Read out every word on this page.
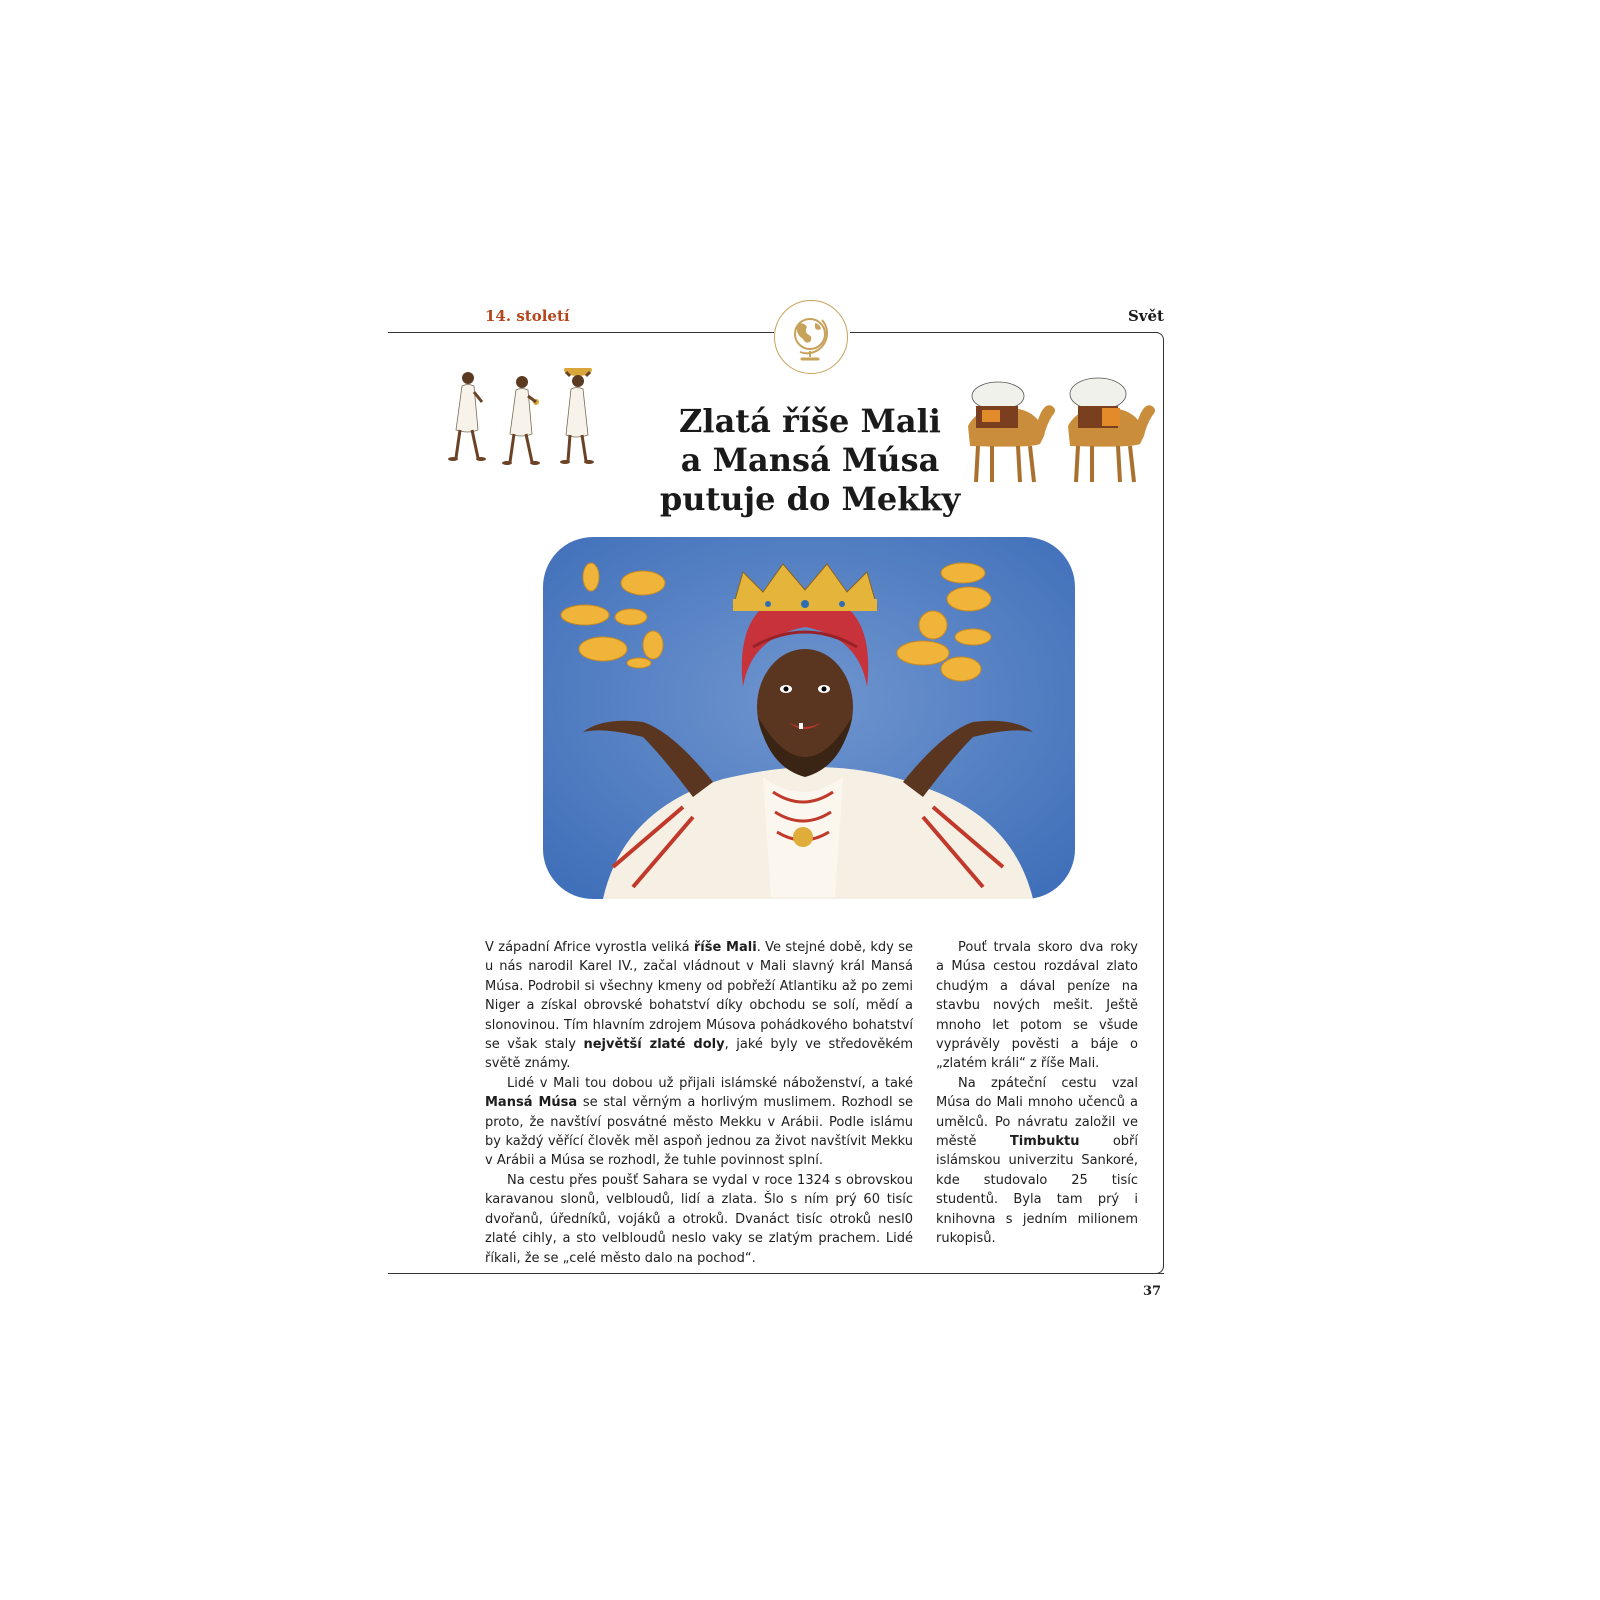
14. století	Svět
Zlatá říše Mali
a Mansá Músa
putuje do Mekky

V západní Africe vyrostla veliká říše Mali. Ve stejné době, kdy se u nás narodil Karel IV., začal vládnout v Mali slavný král Mansá Músa. Podrobil si všechny kmeny od pobřeží Atlantiku až po zemi Niger a získal obrovské bohatství díky obchodu se solí, mědí a slonovinou. Tím hlavním zdrojem Músova pohádkového bohatství se však staly největší zlaté doly, jaké byly ve středověkém světě známy.

Lidé v Mali tou dobou už přijali islámské náboženství, a také Mansá Músa se stal věrným a horlivým muslimem. Rozhodl se proto, že navštíví posvátné město Mekku v Arábii. Podle islámu by každý věřící člověk měl aspoň jednou za život navštívit Mekku v Arábii a Músa se rozhodl, že tuhle povinnost splní.

Na cestu přes poušť Sahara se vydal v roce 1324 s obrovskou karavanou slonů, velbloudů, lidí a zlata. Šlo s ním prý 60 tisíc dvořanů, úředníků, vojáků a otroků. Dvanáct tisíc otroků nesl0 zlaté cihly, a sto velbloudů neslo vaky se zlatým prachem. Lidé říkali, že se „celé město dalo na pochod“.

Pouť trvala skoro dva roky a Músa cestou rozdával zlato chudým a dával peníze na stavbu nových mešit. Ještě mnoho let potom se všude vyprávěly pověsti a báje o „zlatém králi“ z říše Mali.

Na zpáteční cestu vzal Músa do Mali mnoho učenců a umělců. Po návratu založil ve městě Timbuktu obří islámskou univerzitu Sankoré, kde studovalo 25 tisíc studentů. Byla tam prý i knihovna s jedním milionem rukopisů.

37
